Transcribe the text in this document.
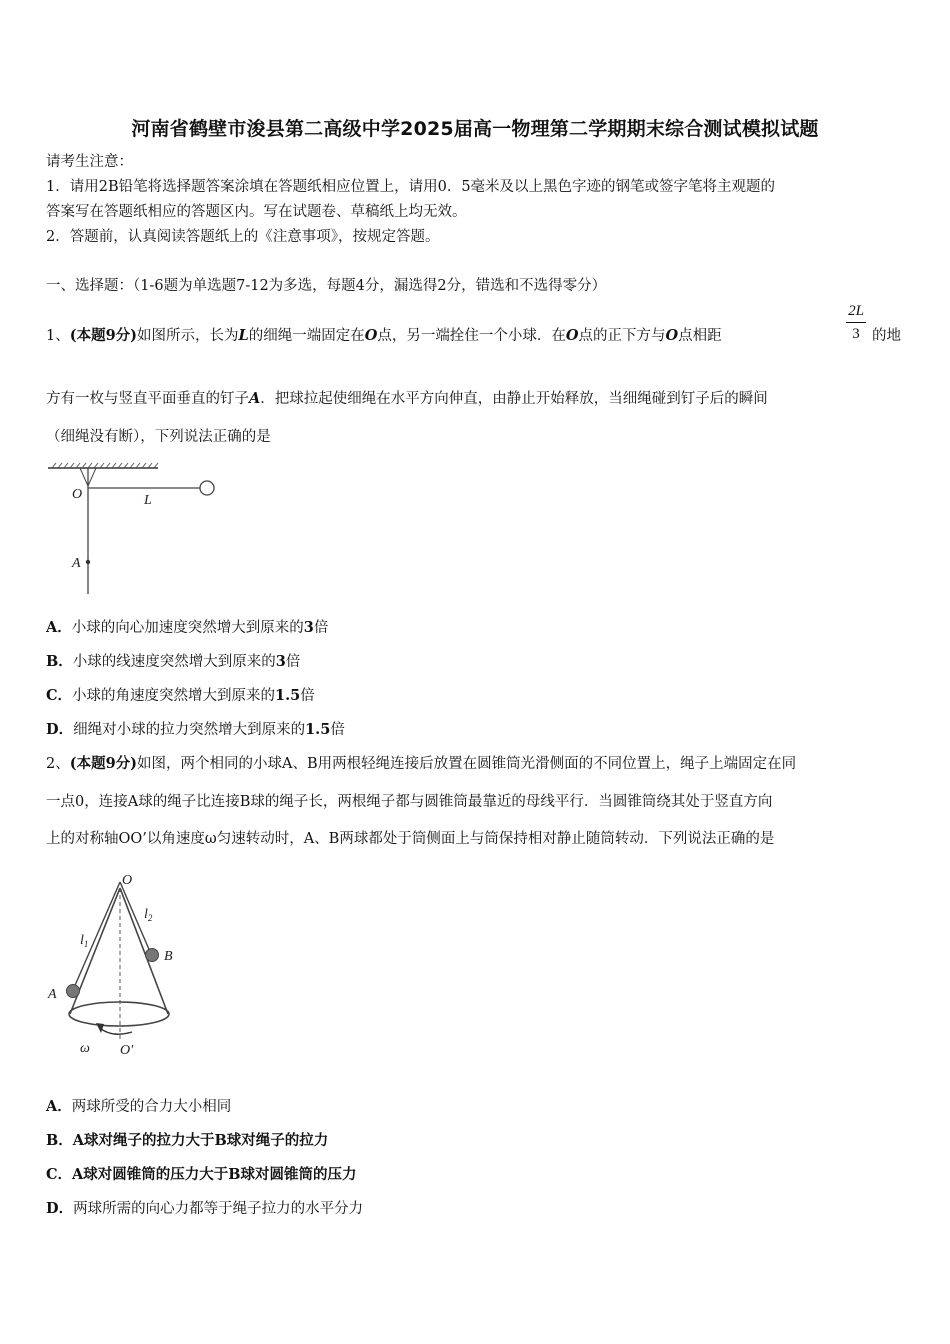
河南省鹤壁市浚县第二高级中学2025届高一物理第二学期期末综合测试模拟试题
请考生注意：
1．请用2B铅笔将选择题答案涂填在答题纸相应位置上，请用0．5毫米及以上黑色字迹的钢笔或签字笔将主观题的
答案写在答题纸相应的答题区内。写在试题卷、草稿纸上均无效。
2．答题前，认真阅读答题纸上的《注意事项》，按规定答题。
一、选择题：（1-6题为单选题7-12为多选，每题4分，漏选得2分，错选和不选得零分）
1、(本题9分)如图所示，长为L的细绳一端固定在O点，另一端拴住一个小球．在O点的正下方与O点相距
2L
3 的地
方有一枚与竖直平面垂直的钉子A．把球拉起使细绳在水平方向伸直，由静止开始释放，当细绳碰到钉子后的瞬间
（细绳没有断），下列说法正确的是
O	L
A
A．小球的向心加速度突然增大到原来的3倍
B．小球的线速度突然增大到原来的3倍
C．小球的角速度突然增大到原来的1.5倍
D．细绳对小球的拉力突然增大到原来的1.5倍
2、(本题9分)如图，两个相同的小球A、B用两根轻绳连接后放置在圆锥筒光滑侧面的不同位置上，绳子上端固定在同
一点0，连接A球的绳子比连接B球的绳子长，两根绳子都与圆锥筒最靠近的母线平行．当圆锥筒绕其处于竖直方向
上的对称轴OO’以角速度ω匀速转动时，A、B两球都处于筒侧面上与筒保持相对静止随筒转动．下列说法正确的是
O
$l_1$
$l_2$
A
B
ω O'
A．两球所受的合力大小相同
B．A球对绳子的拉力大于B球对绳子的拉力
C．A球对圆锥筒的压力大于B球对圆锥筒的压力
D．两球所需的向心力都等于绳子拉力的水平分力
